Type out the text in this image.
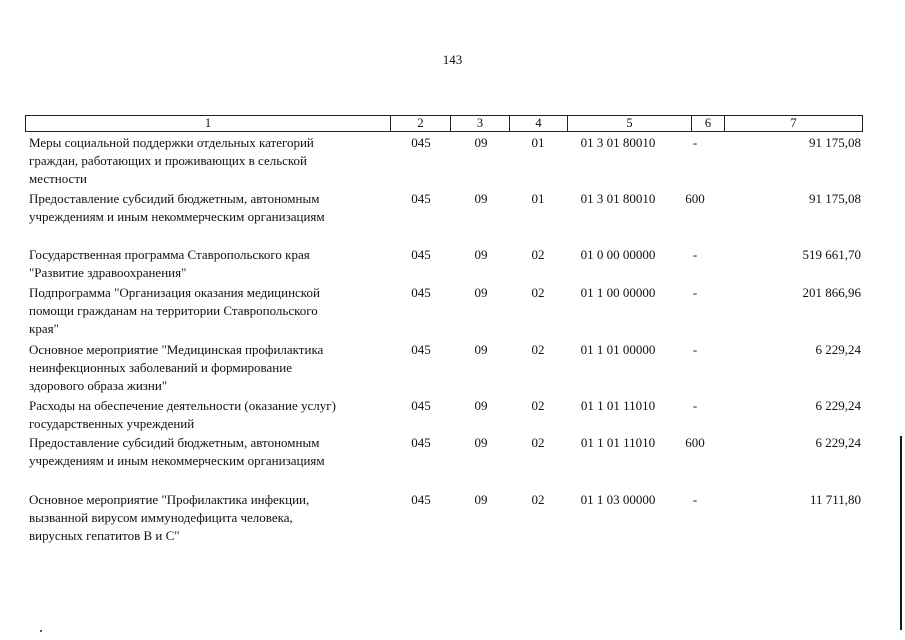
143
1	2	3	4	5	6	7
Меры социальной поддержки отдельных категорий
граждан, работающих и проживающих в сельской
местности
045	09	01	01 3 01 80010	-	91 175,08
Предоставление субсидий бюджетным, автономным
учреждениям и иным некоммерческим организациям
045	09	01	01 3 01 80010	600	91 175,08
Государственная программа Ставропольского края
"Развитие здравоохранения"
045	09	02	01 0 00 00000	-	519 661,70
Подпрограмма "Организация оказания медицинской
помощи гражданам на территории Ставропольского
края"
045	09	02	01 1 00 00000	-	201 866,96
Основное мероприятие "Медицинская профилактика
неинфекционных заболеваний и формирование
здорового образа жизни"
045	09	02	01 1 01 00000	-	6 229,24
Расходы на обеспечение деятельности (оказание услуг)
государственных учреждений
045	09	02	01 1 01 11010	-	6 229,24
Предоставление субсидий бюджетным, автономным
учреждениям и иным некоммерческим организациям
045	09	02	01 1 01 11010	600	6 229,24
Основное мероприятие "Профилактика инфекции,
вызванной вирусом иммунодефицита человека,
вирусных гепатитов В и С"
045	09	02	01 1 03 00000	-	11 711,80
